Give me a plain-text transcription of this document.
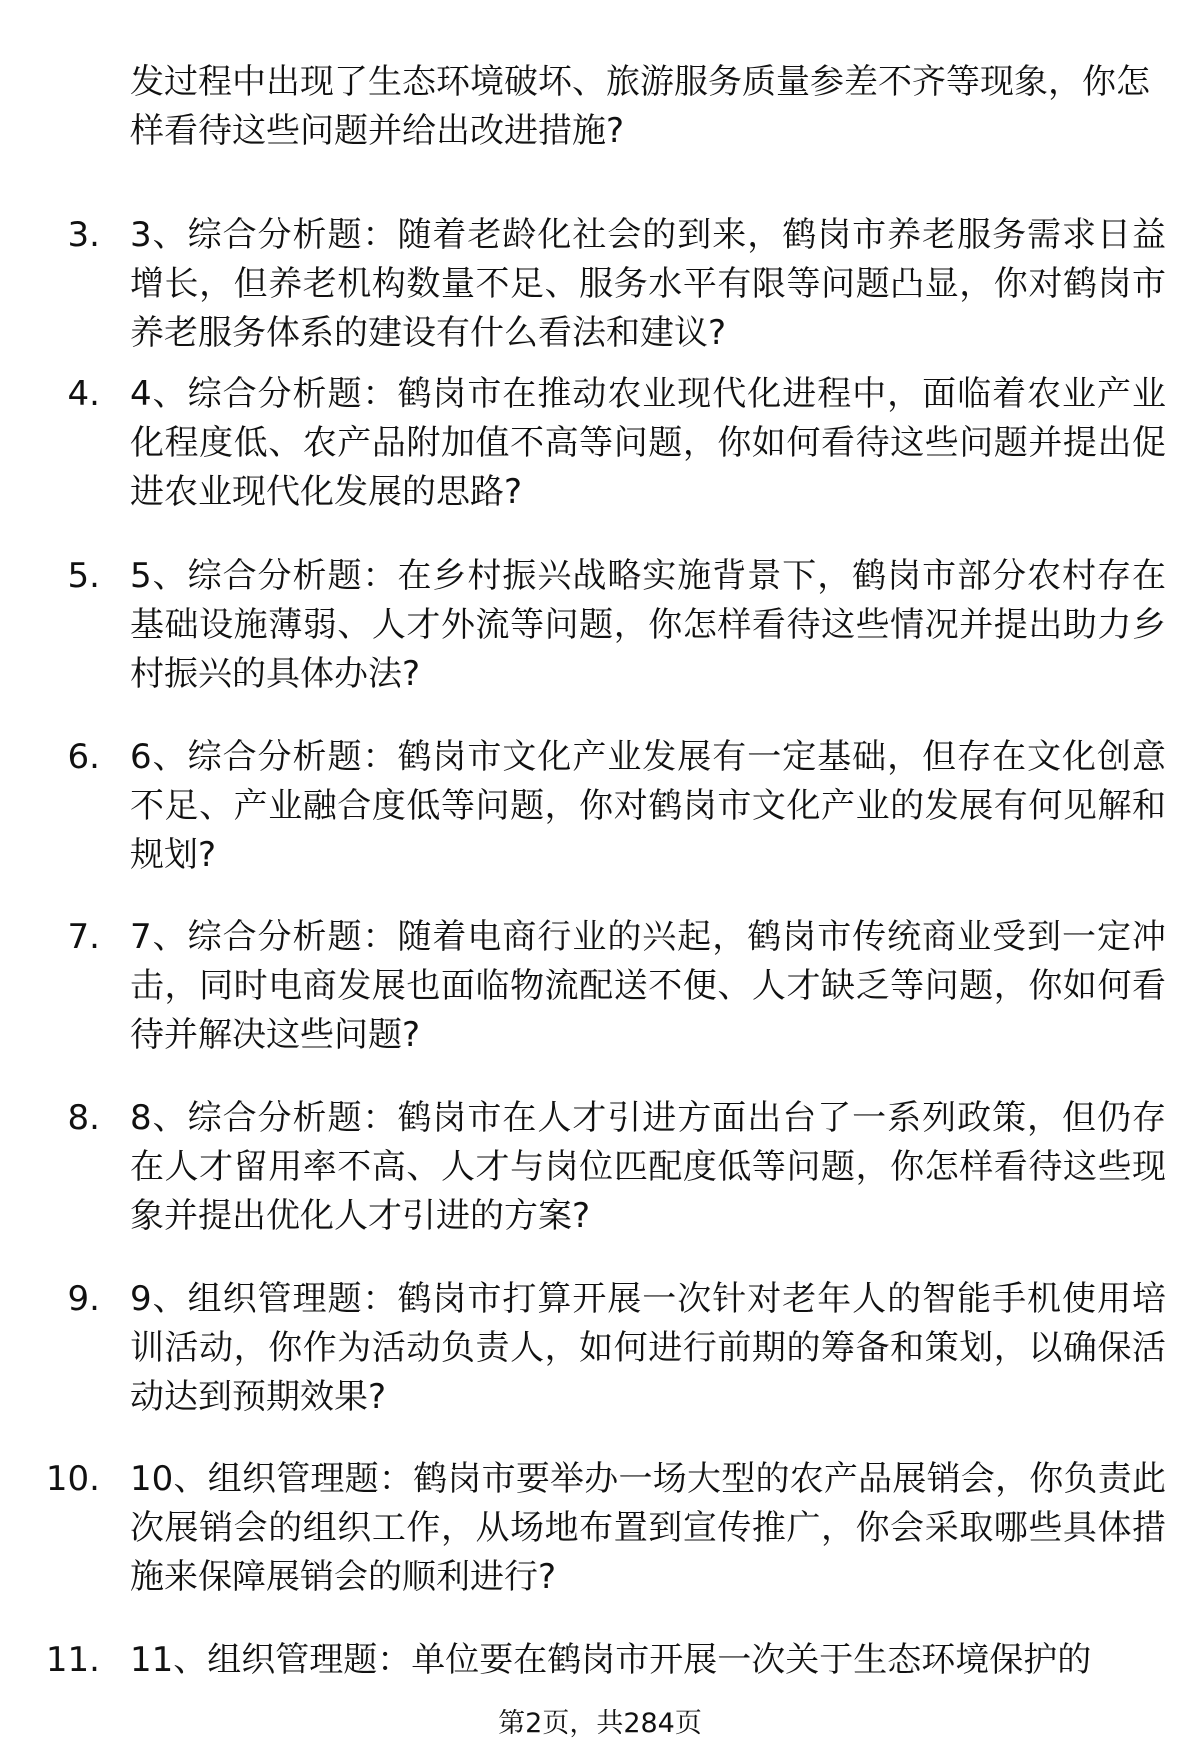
发过程中出现了生态环境破坏、旅游服务质量参差不齐等现象，你怎样看待这些问题并给出改进措施?
3. 3、综合分析题：随着老龄化社会的到来，鹤岗市养老服务需求日益增长，但养老机构数量不足、服务水平有限等问题凸显，你对鹤岗市养老服务体系的建设有什么看法和建议?
4. 4、综合分析题：鹤岗市在推动农业现代化进程中，面临着农业产业化程度低、农产品附加值不高等问题，你如何看待这些问题并提出促进农业现代化发展的思路?
5. 5、综合分析题：在乡村振兴战略实施背景下，鹤岗市部分农村存在基础设施薄弱、人才外流等问题，你怎样看待这些情况并提出助力乡村振兴的具体办法?
6. 6、综合分析题：鹤岗市文化产业发展有一定基础，但存在文化创意不足、产业融合度低等问题，你对鹤岗市文化产业的发展有何见解和规划?
7. 7、综合分析题：随着电商行业的兴起，鹤岗市传统商业受到一定冲击，同时电商发展也面临物流配送不便、人才缺乏等问题，你如何看待并解决这些问题?
8. 8、综合分析题：鹤岗市在人才引进方面出台了一系列政策，但仍存在人才留用率不高、人才与岗位匹配度低等问题，你怎样看待这些现象并提出优化人才引进的方案?
9. 9、组织管理题：鹤岗市打算开展一次针对老年人的智能手机使用培训活动，你作为活动负责人，如何进行前期的筹备和策划，以确保活动达到预期效果?
10. 10、组织管理题：鹤岗市要举办一场大型的农产品展销会，你负责此次展销会的组织工作，从场地布置到宣传推广，你会采取哪些具体措施来保障展销会的顺利进行?
11. 11、组织管理题：单位要在鹤岗市开展一次关于生态环境保护的
第2页，共284页
